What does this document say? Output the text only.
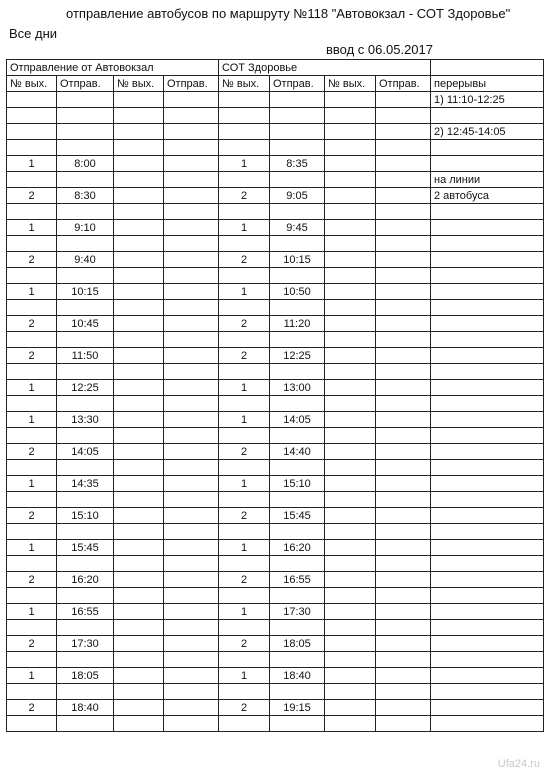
отправление автобусов по маршруту №118 "Автовокзал - СОТ Здоровье"
Все дни
ввод с 06.05.2017
Отправление от Автовокзал				СОТ Здоровье				
№ вых.	Отправ.	№ вых.	Отправ.	№ вых.	Отправ.	№ вых.	Отправ.	перерывы
								1) 11:10-12:25

								2) 12:45-14:05

1	8:00			1	8:35			
								на линии
2	8:30			2	9:05			2 автобуса

1	9:10			1	9:45			

2	9:40			2	10:15			

1	10:15			1	10:50			

2	10:45			2	11:20			

2	11:50			2	12:25			

1	12:25			1	13:00			

1	13:30			1	14:05			

2	14:05			2	14:40			

1	14:35			1	15:10			

2	15:10			2	15:45			

1	15:45			1	16:20			

2	16:20			2	16:55			

1	16:55			1	17:30			

2	17:30			2	18:05			

1	18:05			1	18:40			

2	18:40			2	19:15			

Ufa24.ru
